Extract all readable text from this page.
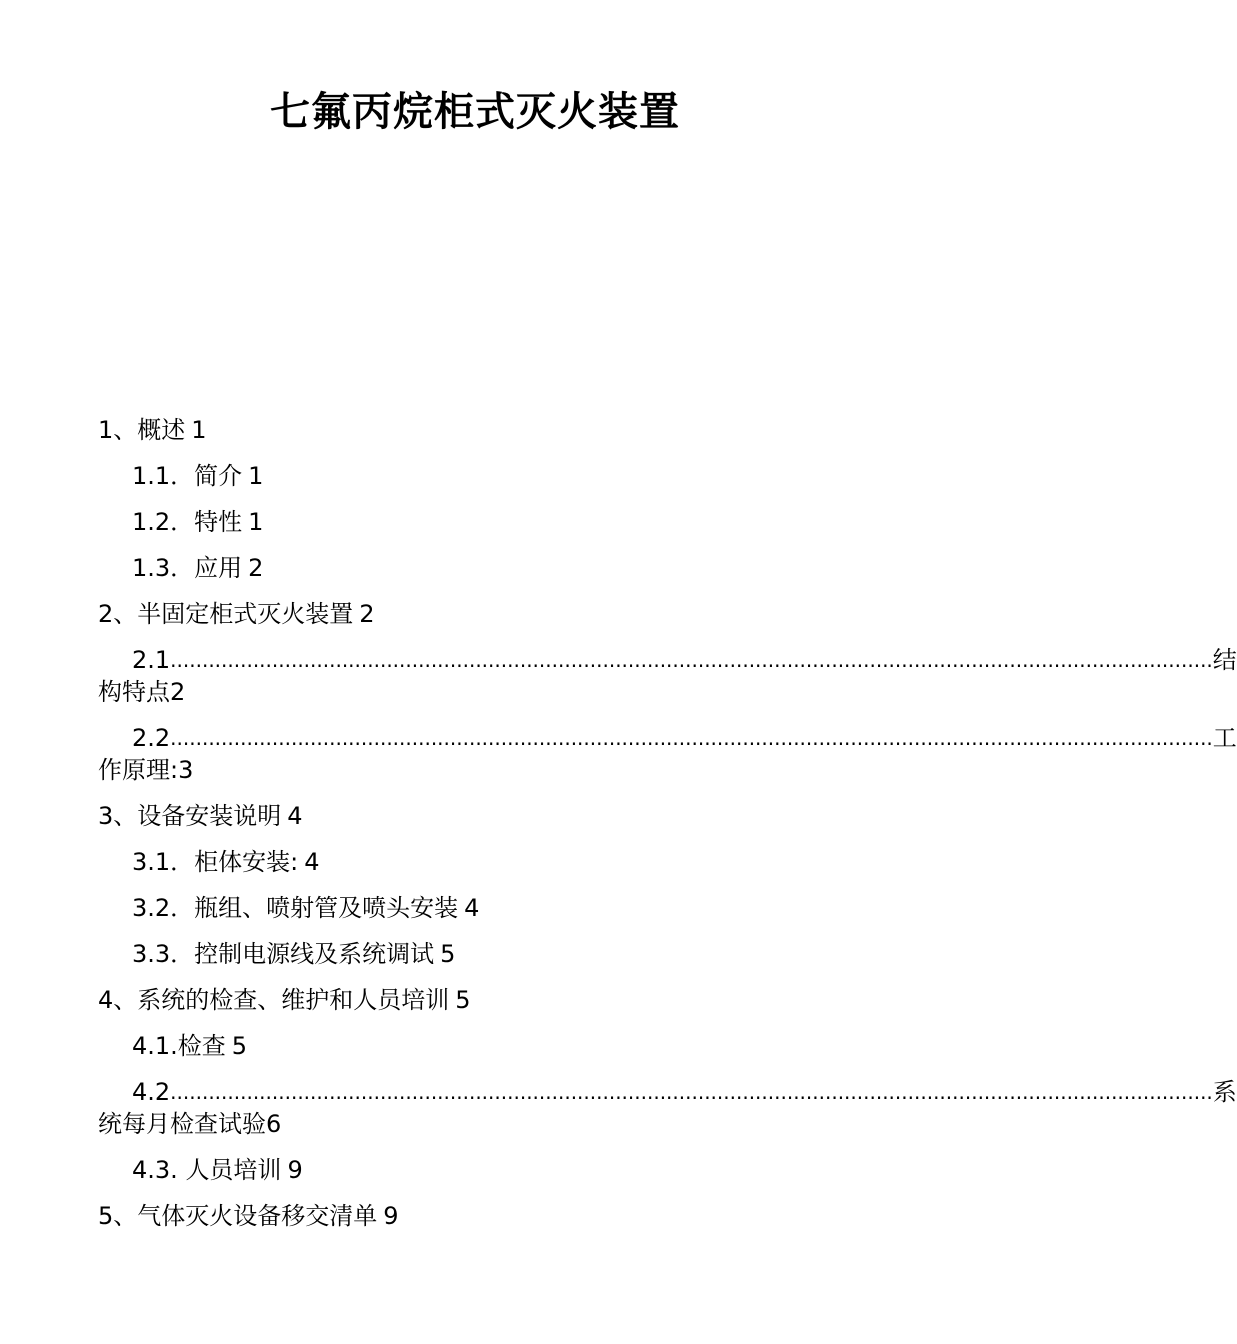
七氟丙烷柜式灭火装置
1、概述 1
1.1．简介 1
1.2．特性 1
1.3．应用 2
2、半固定柜式灭火装置 2
2.1 .................................................................................................................................................................... 结
构特点2
2.2 .................................................................................................................................................................... 工
作原理:3
3、设备安装说明 4
3.1．柜体安装: 4
3.2．瓶组、喷射管及喷头安装 4
3.3．控制电源线及系统调试 5
4、系统的检查、维护和人员培训 5
4.1.检查 5
4.2 .................................................................................................................................................................... 系
统每月检查试验6
4.3. 人员培训 9
5、气体灭火设备移交清单 9
